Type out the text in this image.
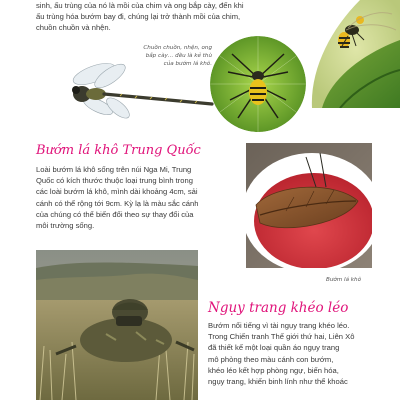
sinh, ấu trùng của nó là mồi của chim và ong bắp cày, đến khi
ấu trùng hóa bướm bay đi, chúng lại trở thành mồi của chim,
chuồn chuồn và nhện.
Chuồn chuồn, nhện, ong
bắp cày… đều là kẻ thù
của bướm lá khô.
Bướm lá khô Trung Quốc
Loài bướm lá khô sống trên núi Nga Mi, Trung
Quốc có kích thước thuộc loại trung bình trong
các loài bướm lá khô, mình dài khoảng 4cm, sải
cánh có thể rộng tới 9cm. Kỳ lạ là màu sắc cánh
của chúng có thể biến đổi theo sự thay đổi của
môi trường sống.
Bướm lá khô
Ngụy trang khéo léo
Bướm nổi tiếng vì tài ngụy trang khéo léo.
Trong Chiến tranh Thế giới thứ hai, Liên Xô
đã thiết kế một loại quần áo ngụy trang
mô phỏng theo màu cánh con bướm,
khéo léo kết hợp phòng ngự, biến hóa,
ngụy trang, khiến binh lính như thể khoác
